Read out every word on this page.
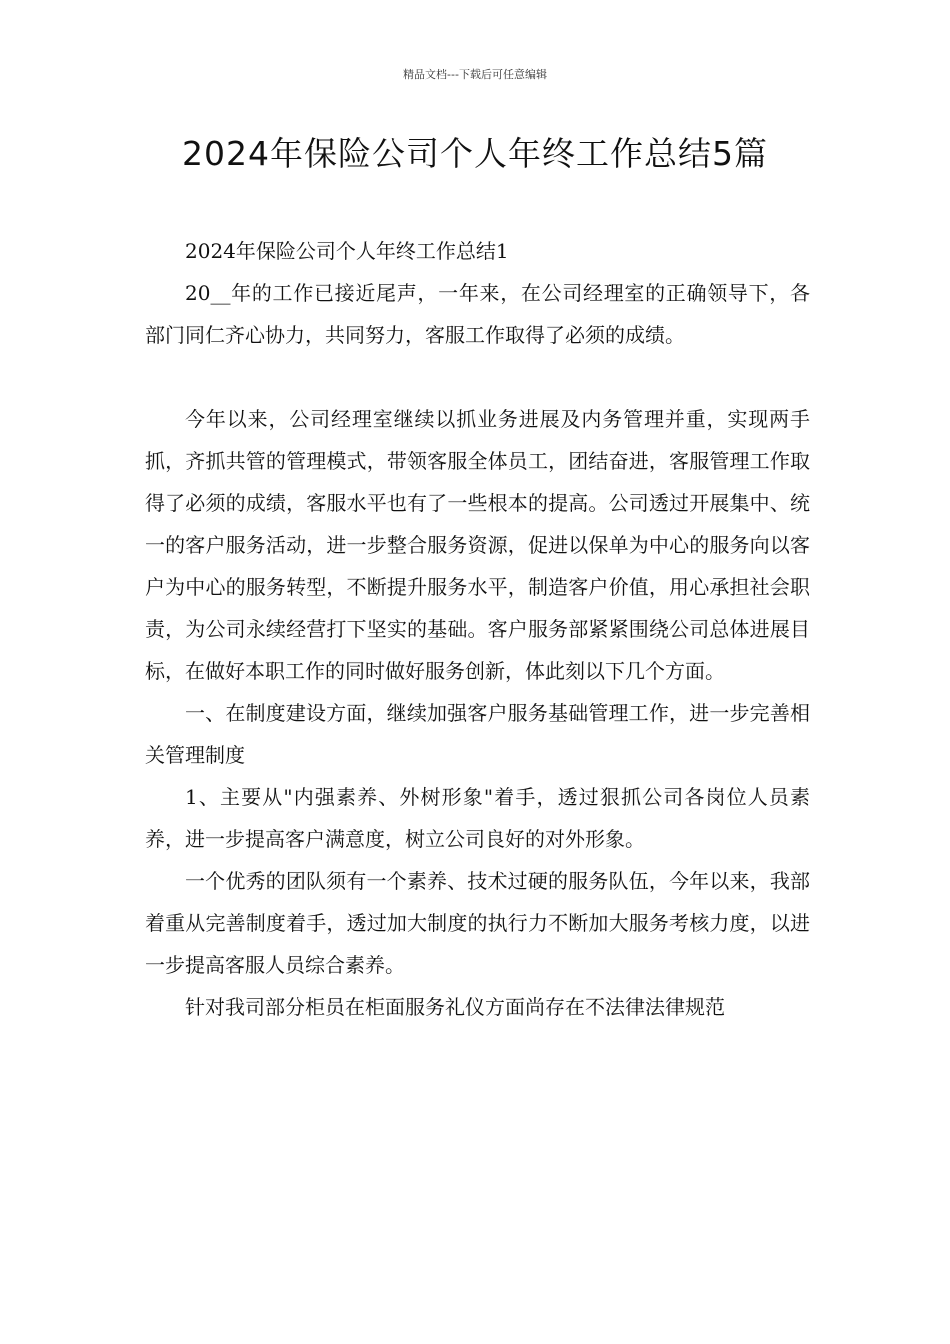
精品文档---下载后可任意编辑
2024年保险公司个人年终工作总结5篇

2024年保险公司个人年终工作总结1

20__年的工作已接近尾声，一年来，在公司经理室的正确领导下，各部门同仁齐心协力，共同努力，客服工作取得了必须的成绩。

今年以来，公司经理室继续以抓业务进展及内务管理并重，实现两手抓，齐抓共管的管理模式，带领客服全体员工，团结奋进，客服管理工作取得了必须的成绩，客服水平也有了一些根本的提高。公司透过开展集中、统一的客户服务活动，进一步整合服务资源，促进以保单为中心的服务向以客户为中心的服务转型，不断提升服务水平，制造客户价值，用心承担社会职责，为公司永续经营打下坚实的基础。客户服务部紧紧围绕公司总体进展目标，在做好本职工作的同时做好服务创新，体此刻以下几个方面。

一、在制度建设方面，继续加强客户服务基础管理工作，进一步完善相关管理制度

1、主要从"内强素养、外树形象"着手，透过狠抓公司各岗位人员素养，进一步提高客户满意度，树立公司良好的对外形象。

一个优秀的团队须有一个素养、技术过硬的服务队伍，今年以来，我部着重从完善制度着手，透过加大制度的执行力不断加大服务考核力度，以进一步提高客服人员综合素养。

针对我司部分柜员在柜面服务礼仪方面尚存在不法律法律规范
